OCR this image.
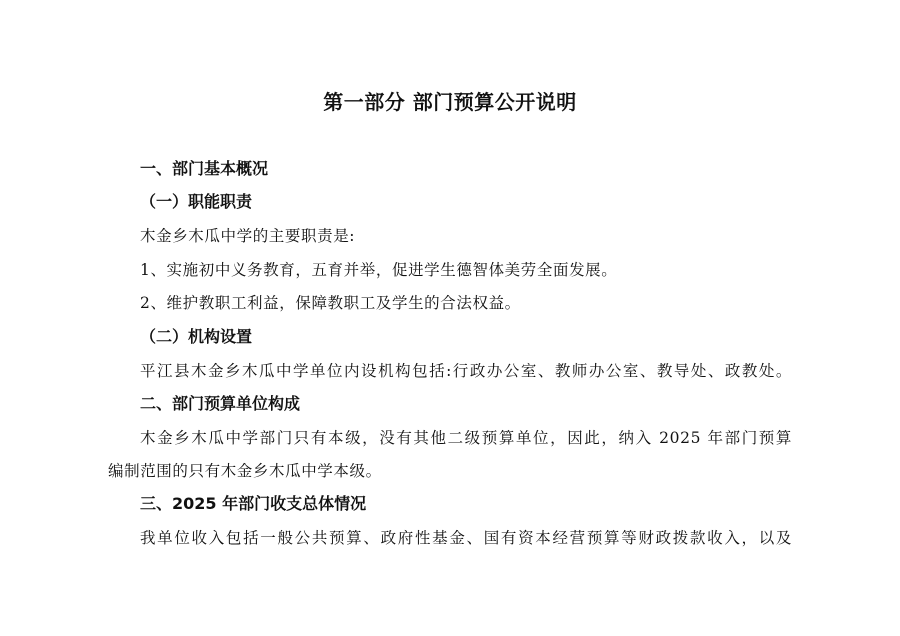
第一部分 部门预算公开说明
一、部门基本概况
（一）职能职责
木金乡木瓜中学的主要职责是:
1、实施初中义务教育，五育并举，促进学生德智体美劳全面发展。
2、维护教职工利益，保障教职工及学生的合法权益。
（二）机构设置
平江县木金乡木瓜中学单位内设机构包括:行政办公室、教师办公室、教导处、政教处。
二、部门预算单位构成
木金乡木瓜中学部门只有本级，没有其他二级预算单位，因此，纳入 2025 年部门预算
编制范围的只有木金乡木瓜中学本级。
三、2025 年部门收支总体情况
我单位收入包括一般公共预算、政府性基金、国有资本经营预算等财政拨款收入，以及
